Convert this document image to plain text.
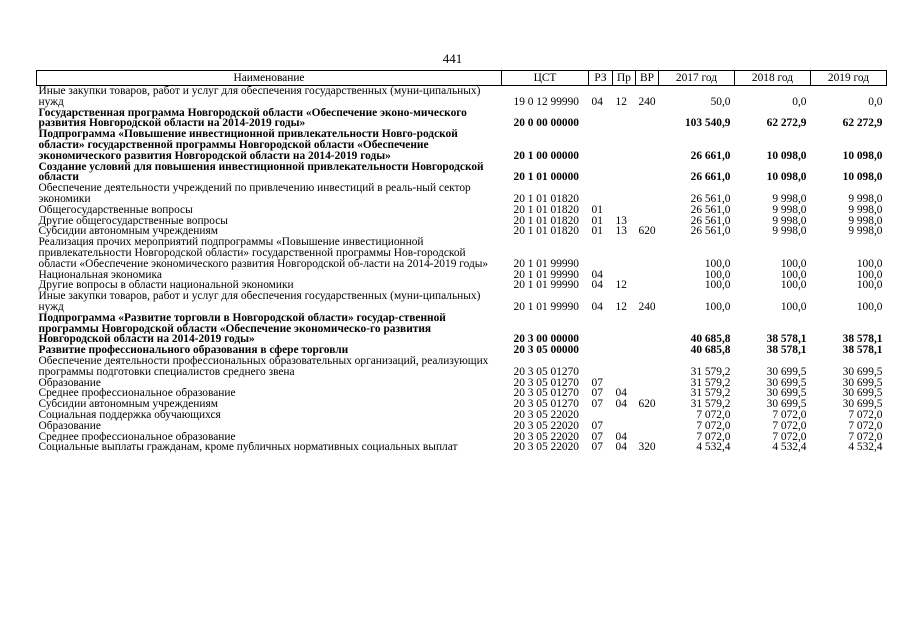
441
Наименование	ЦСТ	РЗ	Пр	ВР	2017 год	2018 год	2019 год
Иные закупки товаров, работ и услуг для обеспечения государственных (муни-ципальных) нужд	19 0 12 99990	04	12	240	50,0	0,0	0,0
Государственная программа Новгородской области «Обеспечение эконо-мического развития Новгородской области на 2014-2019 годы»	20 0 00 00000				103 540,9	62 272,9	62 272,9
Подпрограмма «Повышение инвестиционной привлекательности Новго-родской области» государственной программы Новгородской области «Обеспечение экономического развития Новгородской области на 2014-2019 годы»	20 1 00 00000				26 661,0	10 098,0	10 098,0
Создание условий для повышения инвестиционной привлекательности Новгородской области	20 1 01 00000				26 661,0	10 098,0	10 098,0
Обеспечение деятельности учреждений по привлечению инвестиций в реаль-ный сектор экономики	20 1 01 01820				26 561,0	9 998,0	9 998,0
Общегосударственные вопросы	20 1 01 01820	01			26 561,0	9 998,0	9 998,0
Другие общегосударственные вопросы	20 1 01 01820	01	13		26 561,0	9 998,0	9 998,0
Субсидии автономным учреждениям	20 1 01 01820	01	13	620	26 561,0	9 998,0	9 998,0
Реализация прочих мероприятий подпрограммы «Повышение инвестиционной привлекательности Новгородской области» государственной программы Нов-городской области «Обеспечение экономического развития Новгородской об-ласти на 2014-2019 годы»	20 1 01 99990				100,0	100,0	100,0
Национальная экономика	20 1 01 99990	04			100,0	100,0	100,0
Другие вопросы в области национальной экономики	20 1 01 99990	04	12		100,0	100,0	100,0
Иные закупки товаров, работ и услуг для обеспечения государственных (муни-ципальных) нужд	20 1 01 99990	04	12	240	100,0	100,0	100,0
Подпрограмма «Развитие торговли в Новгородской области» государ-ственной программы Новгородской области «Обеспечение экономическо-го развития Новгородской области на 2014-2019 годы»	20 3 00 00000				40 685,8	38 578,1	38 578,1
Развитие профессионального образования в сфере торговли	20 3 05 00000				40 685,8	38 578,1	38 578,1
Обеспечение деятельности профессиональных образовательных организаций, реализующих программы подготовки специалистов среднего звена	20 3 05 01270				31 579,2	30 699,5	30 699,5
Образование	20 3 05 01270	07			31 579,2	30 699,5	30 699,5
Среднее профессиональное образование	20 3 05 01270	07	04		31 579,2	30 699,5	30 699,5
Субсидии автономным учреждениям	20 3 05 01270	07	04	620	31 579,2	30 699,5	30 699,5
Социальная поддержка обучающихся	20 3 05 22020				7 072,0	7 072,0	7 072,0
Образование	20 3 05 22020	07			7 072,0	7 072,0	7 072,0
Среднее профессиональное образование	20 3 05 22020	07	04		7 072,0	7 072,0	7 072,0
Социальные выплаты гражданам, кроме публичных нормативных социальных выплат	20 3 05 22020	07	04	320	4 532,4	4 532,4	4 532,4
